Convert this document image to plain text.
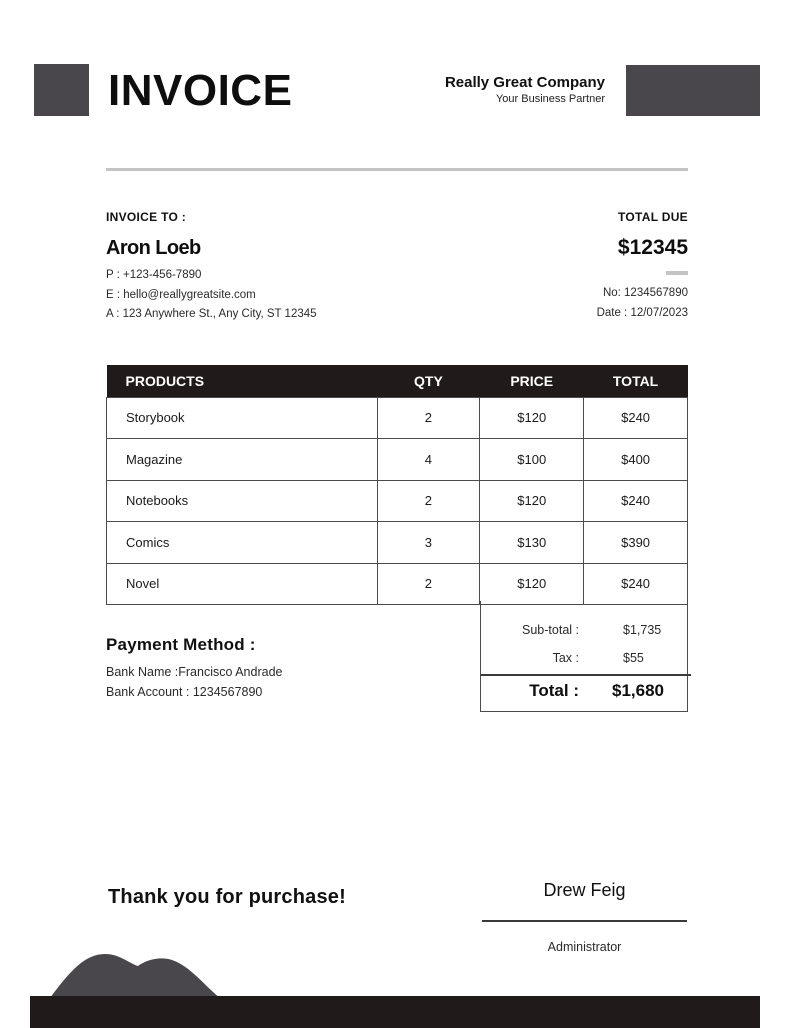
INVOICE	Really Great Company
Your Business Partner
INVOICE TO :
Aron Loeb
P : +123-456-7890
E : hello@reallygreatsite.com
A : 123 Anywhere St., Any City, ST 12345
TOTAL DUE
$12345
No: 1234567890
Date : 12/07/2023
PRODUCTS	QTY	PRICE	TOTAL
Storybook	2	$120	$240
Magazine	4	$100	$400
Notebooks	2	$120	$240
Comics	3	$130	$390
Novel	2	$120	$240
Sub-total :	$1,735
Tax :	$55
Total : $1,680
Payment Method :
Bank Name :Francisco Andrade
Bank Account : 1234567890
Thank you for purchase!	Drew Feig
Administrator
